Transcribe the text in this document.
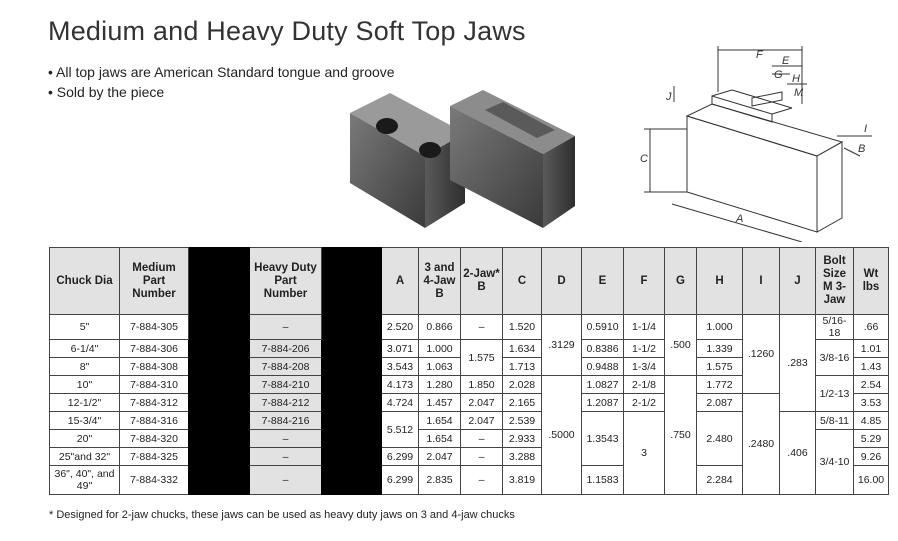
Medium and Heavy Duty Soft Top Jaws
• All top jaws are American Standard tongue and groove
• Sold by the piece
F E
G H
M
J
C
I
B
A
Chuck Dia	Medium Part Number		Heavy Duty Part Number		A	3 and 4-Jaw B	2-Jaw* B	C	D	E	F	G	H	I	J	Bolt Size M 3-Jaw	Wt lbs
5"	7-884-305		–		2.520	0.866	–	1.520	.3129	0.5910	1-1/4	.500	1.000	.1260	.283	5/16-18	.66
6-1/4"	7-884-306		7-884-206		3.071	1.000	1.575	1.634		0.8386	1-1/2		1.339			3/8-16	1.01
8"	7-884-308		7-884-208		3.543	1.063		1.713		0.9488	1-3/4		1.575				1.43
10"	7-884-310		7-884-210		4.173	1.280	1.850	2.028	.5000	1.0827	2-1/8	.750	1.772			1/2-13	2.54
12-1/2"	7-884-312		7-884-212		4.724	1.457	2.047	2.165		1.2087	2-1/2		2.087	.2480			3.53
15-3/4"	7-884-316		7-884-216		5.512	1.654	2.047	2.539		1.3543	3		2.480		.406	5/8-11	4.85
20"	7-884-320		–			1.654	–	2.933								3/4-10	5.29
25"and 32"	7-884-325		–		6.299	2.047	–	3.288									9.26
36", 40", and 49"	7-884-332		–		6.299	2.835	–	3.819		1.1583			2.284				16.00
* Designed for 2-jaw chucks, these jaws can be used as heavy duty jaws on 3 and 4-jaw chucks
